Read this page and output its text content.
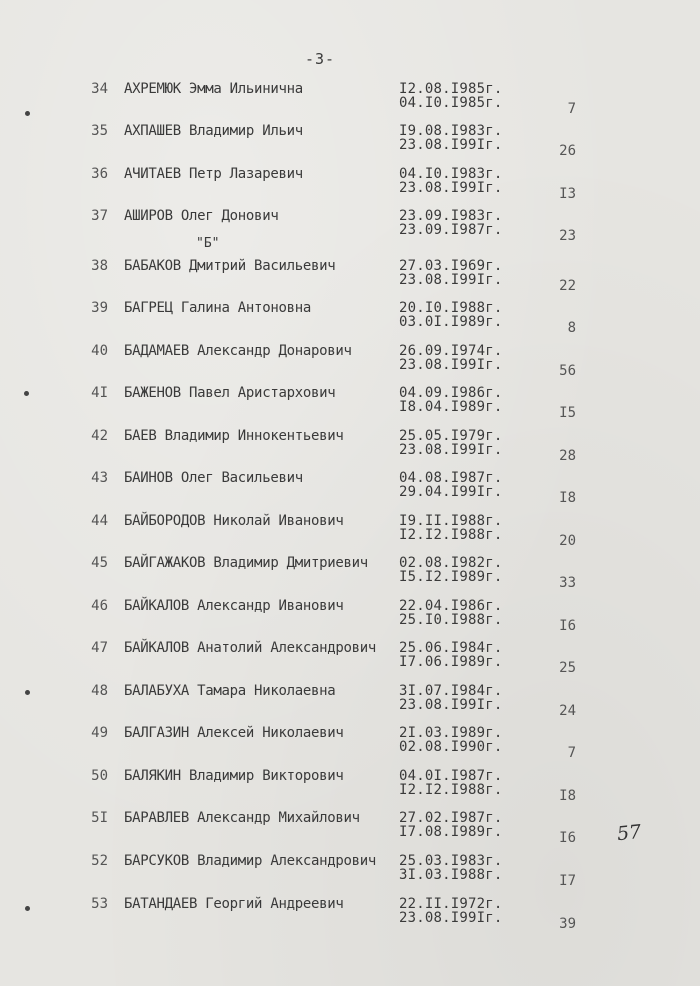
-3-
34 АХРЕМЮК Эмма Ильинична	I2.08.I985г.
04.I0.I985г.	7
35 АХПАШЕВ Владимир Ильич	I9.08.I983г.
23.08.I99Iг.	26
36 АЧИТАЕВ Петр Лазаревич	04.I0.I983г.
23.08.I99Iг.	I3
37 АШИРОВ Олег Донович	23.09.I983г.
23.09.I987г.	23
"Б"
38 БАБАКОВ Дмитрий Васильевич	27.03.I969г.
23.08.I99Iг.	22
39 БАГРЕЦ Галина Антоновна	20.I0.I988г.
03.0I.I989г.	8
40 БАДАМАЕВ Александр Донарович	26.09.I974г.
23.08.I99Iг.	56
4I БАЖЕНОВ Павел Аристархович	04.09.I986г.
I8.04.I989г.	I5
42 БАЕВ Владимир Иннокентьевич	25.05.I979г.
23.08.I99Iг.	28
43 БАИНОВ Олег Васильевич	04.08.I987г.
29.04.I99Iг.	I8
44 БАЙБОРОДОВ Николай Иванович	I9.II.I988г.
I2.I2.I988г.	20
45 БАЙГАЖАКОВ Владимир Дмитриевич 02.08.I982г.
I5.I2.I989г.	33
46 БАЙКАЛОВ Александр Иванович	22.04.I986г.
25.I0.I988г.	I6
47 БАЙКАЛОВ Анатолий Александрович 25.06.I984г.
I7.06.I989г.	25
48 БАЛАБУХА Тамара Николаевна	3I.07.I984г.
23.08.I99Iг.	24
49 БАЛГАЗИН Алексей Николаевич	2I.03.I989г.
02.08.I990г.	7
50 БАЛЯКИН Владимир Викторович	04.0I.I987г.
I2.I2.I988г.	I8
5I БАРАВЛЕВ Александр Михайлович	27.02.I987г.
I7.08.I989г.	I6
52 БАРСУКОВ Владимир Александрович 25.03.I983г.
3I.03.I988г.	I7
53 БАТАНДАЕВ Георгий Андреевич	22.II.I972г.
23.08.I99Iг.	39
57
